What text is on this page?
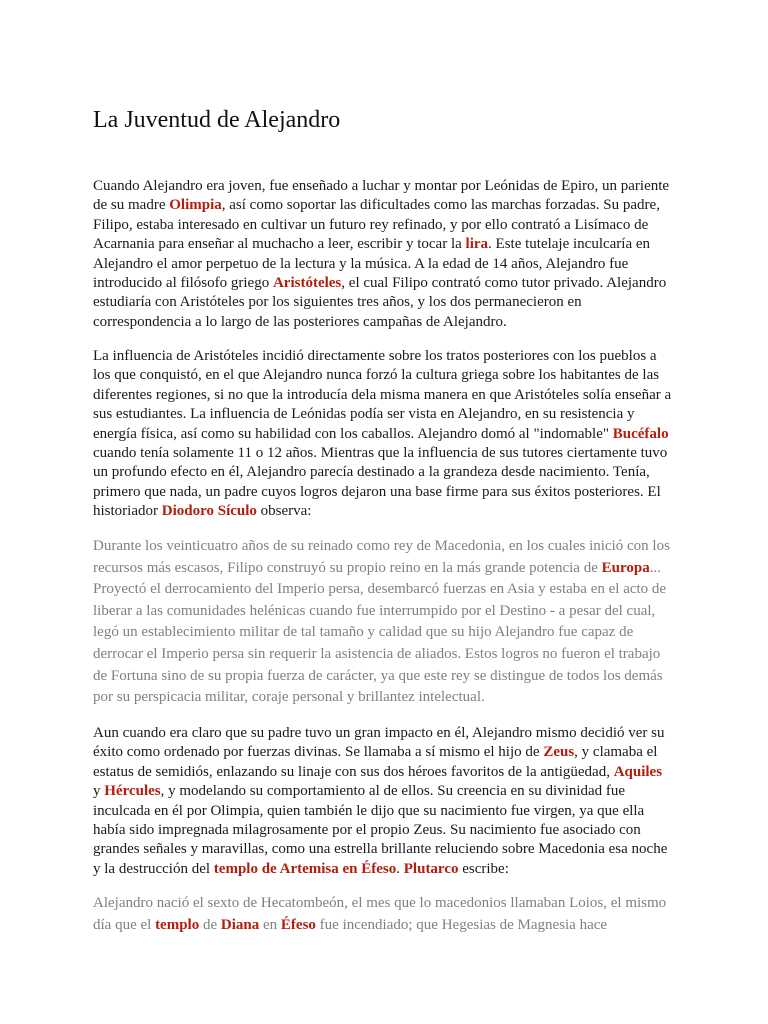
La Juventud de Alejandro

Cuando Alejandro era joven, fue enseñado a luchar y montar por Leónidas de Epiro, un pariente de su madre Olimpia, así como soportar las dificultades como las marchas forzadas. Su padre, Filipo, estaba interesado en cultivar un futuro rey refinado, y por ello contrató a Lisímaco de Acarnania para enseñar al muchacho a leer, escribir y tocar la lira. Este tutelaje inculcaría en Alejandro el amor perpetuo de la lectura y la música. A la edad de 14 años, Alejandro fue introducido al filósofo griego Aristóteles, el cual Filipo contrató como tutor privado. Alejandro estudiaría con Aristóteles por los siguientes tres años, y los dos permanecieron en correspondencia a lo largo de las posteriores campañas de Alejandro.

La influencia de Aristóteles incidió directamente sobre los tratos posteriores con los pueblos a los que conquistó, en el que Alejandro nunca forzó la cultura griega sobre los habitantes de las diferentes regiones, si no que la introducía dela misma manera en que Aristóteles solía enseñar a sus estudiantes. La influencia de Leónidas podía ser vista en Alejandro, en su resistencia y energía física, así como su habilidad con los caballos. Alejandro domó al "indomable" Bucéfalo cuando tenía solamente 11 o 12 años. Mientras que la influencia de sus tutores ciertamente tuvo un profundo efecto en él, Alejandro parecía destinado a la grandeza desde nacimiento. Tenía, primero que nada, un padre cuyos logros dejaron una base firme para sus éxitos posteriores. El historiador Diodoro Sículo observa:

Durante los veinticuatro años de su reinado como rey de Macedonia, en los cuales inició con los recursos más escasos, Filipo construyó su propio reino en la más grande potencia de Europa... Proyectó el derrocamiento del Imperio persa, desembarcó fuerzas en Asia y estaba en el acto de liberar a las comunidades helénicas cuando fue interrumpido por el Destino - a pesar del cual, legó un establecimiento militar de tal tamaño y calidad que su hijo Alejandro fue capaz de derrocar el Imperio persa sin requerir la asistencia de aliados. Estos logros no fueron el trabajo de Fortuna sino de su propia fuerza de carácter, ya que este rey se distingue de todos los demás por su perspicacia militar, coraje personal y brillantez intelectual.

Aun cuando era claro que su padre tuvo un gran impacto en él, Alejandro mismo decidió ver su éxito como ordenado por fuerzas divinas. Se llamaba a sí mismo el hijo de Zeus, y clamaba el estatus de semidiós, enlazando su linaje con sus dos héroes favoritos de la antigüedad, Aquiles y Hércules, y modelando su comportamiento al de ellos. Su creencia en su divinidad fue inculcada en él por Olimpia, quien también le dijo que su nacimiento fue virgen, ya que ella había sido impregnada milagrosamente por el propio Zeus. Su nacimiento fue asociado con grandes señales y maravillas, como una estrella brillante reluciendo sobre Macedonia esa noche y la destrucción del templo de Artemisa en Éfeso. Plutarco escribe:

Alejandro nació el sexto de Hecatombeón, el mes que lo macedonios llamaban Loios, el mismo día que el templo de Diana en Éfeso fue incendiado; que Hegesias de Magnesia hace
